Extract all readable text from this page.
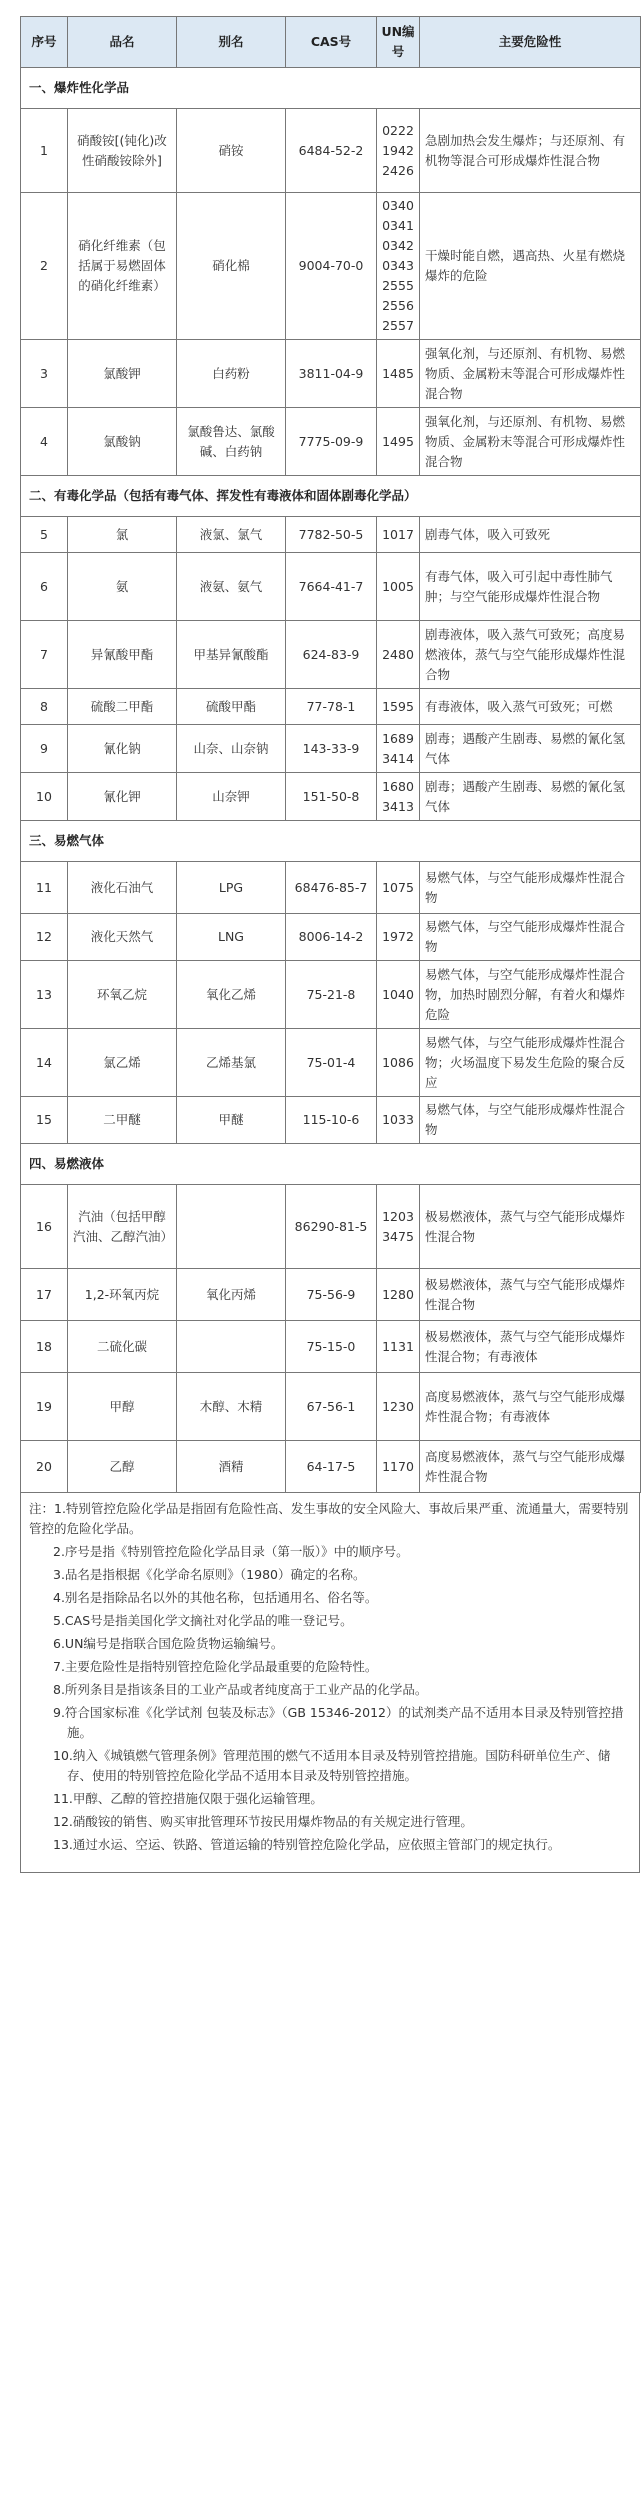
序号	品名	别名	CAS号	UN编号	主要危险性
一、爆炸性化学品					
1	硝酸铵[(钝化)改性硝酸铵除外]	硝铵	6484-52-2	0222 1942 2426	急剧加热会发生爆炸；与还原剂、有机物等混合可形成爆炸性混合物
2	硝化纤维素（包括属于易燃固体的硝化纤维素）	硝化棉	9004-70-0	0340 0341 0342 0343 2555 2556 2557	干燥时能自燃，遇高热、火星有燃烧爆炸的危险
3	氯酸钾	白药粉	3811-04-9	1485	强氧化剂，与还原剂、有机物、易燃物质、金属粉末等混合可形成爆炸性混合物
4	氯酸钠	氯酸鲁达、氯酸碱、白药钠	7775-09-9	1495	强氧化剂，与还原剂、有机物、易燃物质、金属粉末等混合可形成爆炸性混合物
二、有毒化学品（包括有毒气体、挥发性有毒液体和固体剧毒化学品）					
5	氯	液氯、氯气	7782-50-5	1017	剧毒气体，吸入可致死
6	氨	液氨、氨气	7664-41-7	1005	有毒气体，吸入可引起中毒性肺气肿；与空气能形成爆炸性混合物
7	异氰酸甲酯	甲基异氰酸酯	624-83-9	2480	剧毒液体，吸入蒸气可致死；高度易燃液体，蒸气与空气能形成爆炸性混合物
8	硫酸二甲酯	硫酸甲酯	77-78-1	1595	有毒液体，吸入蒸气可致死；可燃
9	氰化钠	山奈、山奈钠	143-33-9	1689 3414	剧毒；遇酸产生剧毒、易燃的氰化氢气体
10	氰化钾	山奈钾	151-50-8	1680 3413	剧毒；遇酸产生剧毒、易燃的氰化氢气体
三、易燃气体					
11	液化石油气	LPG	68476-85-7	1075	易燃气体，与空气能形成爆炸性混合物
12	液化天然气	LNG	8006-14-2	1972	易燃气体，与空气能形成爆炸性混合物
13	环氧乙烷	氧化乙烯	75-21-8	1040	易燃气体，与空气能形成爆炸性混合物，加热时剧烈分解，有着火和爆炸危险
14	氯乙烯	乙烯基氯	75-01-4	1086	易燃气体，与空气能形成爆炸性混合物；火场温度下易发生危险的聚合反应
15	二甲醚	甲醚	115-10-6	1033	易燃气体，与空气能形成爆炸性混合物
四、易燃液体					
16	汽油（包括甲醇汽油、乙醇汽油）		86290-81-5	1203 3475	极易燃液体，蒸气与空气能形成爆炸性混合物
17	1,2-环氧丙烷	氧化丙烯	75-56-9	1280	极易燃液体，蒸气与空气能形成爆炸性混合物
18	二硫化碳		75-15-0	1131	极易燃液体，蒸气与空气能形成爆炸性混合物；有毒液体
19	甲醇	木醇、木精	67-56-1	1230	高度易燃液体，蒸气与空气能形成爆炸性混合物；有毒液体
20	乙醇	酒精	64-17-5	1170	高度易燃液体，蒸气与空气能形成爆炸性混合物

注：1.特别管控危险化学品是指固有危险性高、发生事故的安全风险大、事故后果严重、流通量大，需要特别管控的危险化学品。

2.序号是指《特别管控危险化学品目录（第一版）》中的顺序号。

3.品名是指根据《化学命名原则》（1980）确定的名称。

4.别名是指除品名以外的其他名称，包括通用名、俗名等。

5.CAS号是指美国化学文摘社对化学品的唯一登记号。

6.UN编号是指联合国危险货物运输编号。

7.主要危险性是指特别管控危险化学品最重要的危险特性。

8.所列条目是指该条目的工业产品或者纯度高于工业产品的化学品。

9.符合国家标准《化学试剂 包装及标志》（GB 15346-2012）的试剂类产品不适用本目录及特别管控措施。

10.纳入《城镇燃气管理条例》管理范围的燃气不适用本目录及特别管控措施。国防科研单位生产、储存、使用的特别管控危险化学品不适用本目录及特别管控措施。

11.甲醇、乙醇的管控措施仅限于强化运输管理。

12.硝酸铵的销售、购买审批管理环节按民用爆炸物品的有关规定进行管理。

13.通过水运、空运、铁路、管道运输的特别管控危险化学品，应依照主管部门的规定执行。
